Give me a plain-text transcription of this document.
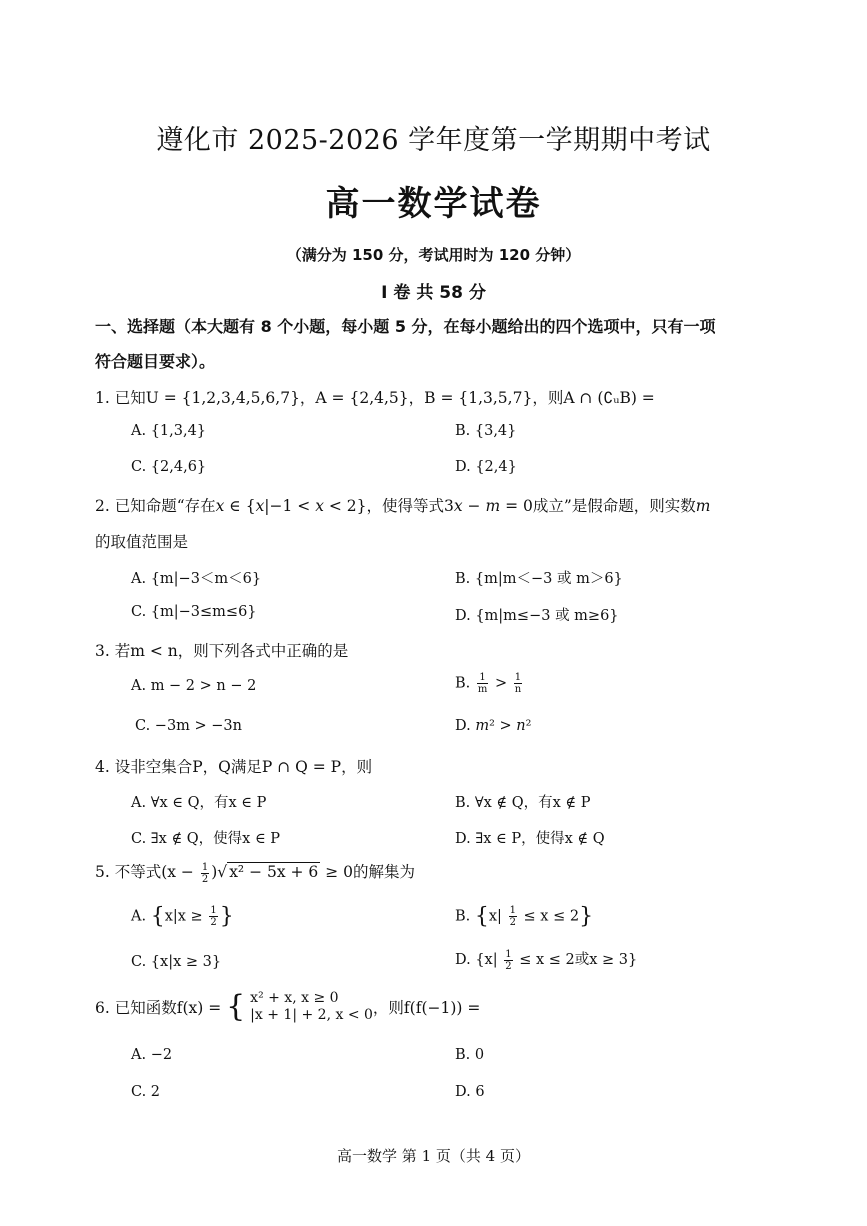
遵化市 2025-2026 学年度第一学期期中考试
高一数学试卷
（满分为 150 分，考试用时为 120 分钟）
I 卷 共 58 分
一、选择题（本大题有 8 个小题，每小题 5 分，在每小题给出的四个选项中，只有一项
符合题目要求）。
1. 已知U = {1,2,3,4,5,6,7}，A = {2,4,5}，B = {1,3,5,7}，则A ∩ (∁ᵤB) =
A. {1,3,4}	B. {3,4}
C. {2,4,6}	D. {2,4}
2. 已知命题“存在𝑥 ∈ {𝑥|−1 < 𝑥 < 2}，使得等式3𝑥 − 𝑚 = 0成立”是假命题，则实数𝑚
的取值范围是
A. {m|−3＜m＜6}	B. {m|m＜−3 或 m＞6}
C. {m|−3≤m≤6}	D. {m|m≤−3 或 m≥6}
3. 若m < n，则下列各式中正确的是
A. m − 2 > n − 2	B. $\frac{1}{m} > \frac{1}{n}$
C. −3m > −3n	D. 𝑚² > 𝑛²
4. 设非空集合P，Q满足P ∩ Q = P，则
A. ∀x ∈ Q，有x ∈ P	B. ∀x ∉ Q，有x ∉ P
C. ∃x ∉ Q，使得x ∈ P	D. ∃x ∈ P，使得x ∉ Q
5. 不等式($x - \frac{1}{2}$ )√ x² − 5x + 6 ≥ 0的解集为
A. {$x|x \ge \frac{1}{2}$ }	B. $\{x| \frac{1}{2} \le x \le 2\}$
C. {x|x ≥ 3}	D. {$x| \frac{1}{2} \le x \le 2$或x ≥ 3}
6. 已知函数f(x) = { x² + x, x ≥ 0
|x + 1| + 2, x < 0 ，则f(f(−1)) =
A. −2	B. 0
C. 2	D. 6
高一数学 第 1 页（共 4 页）
